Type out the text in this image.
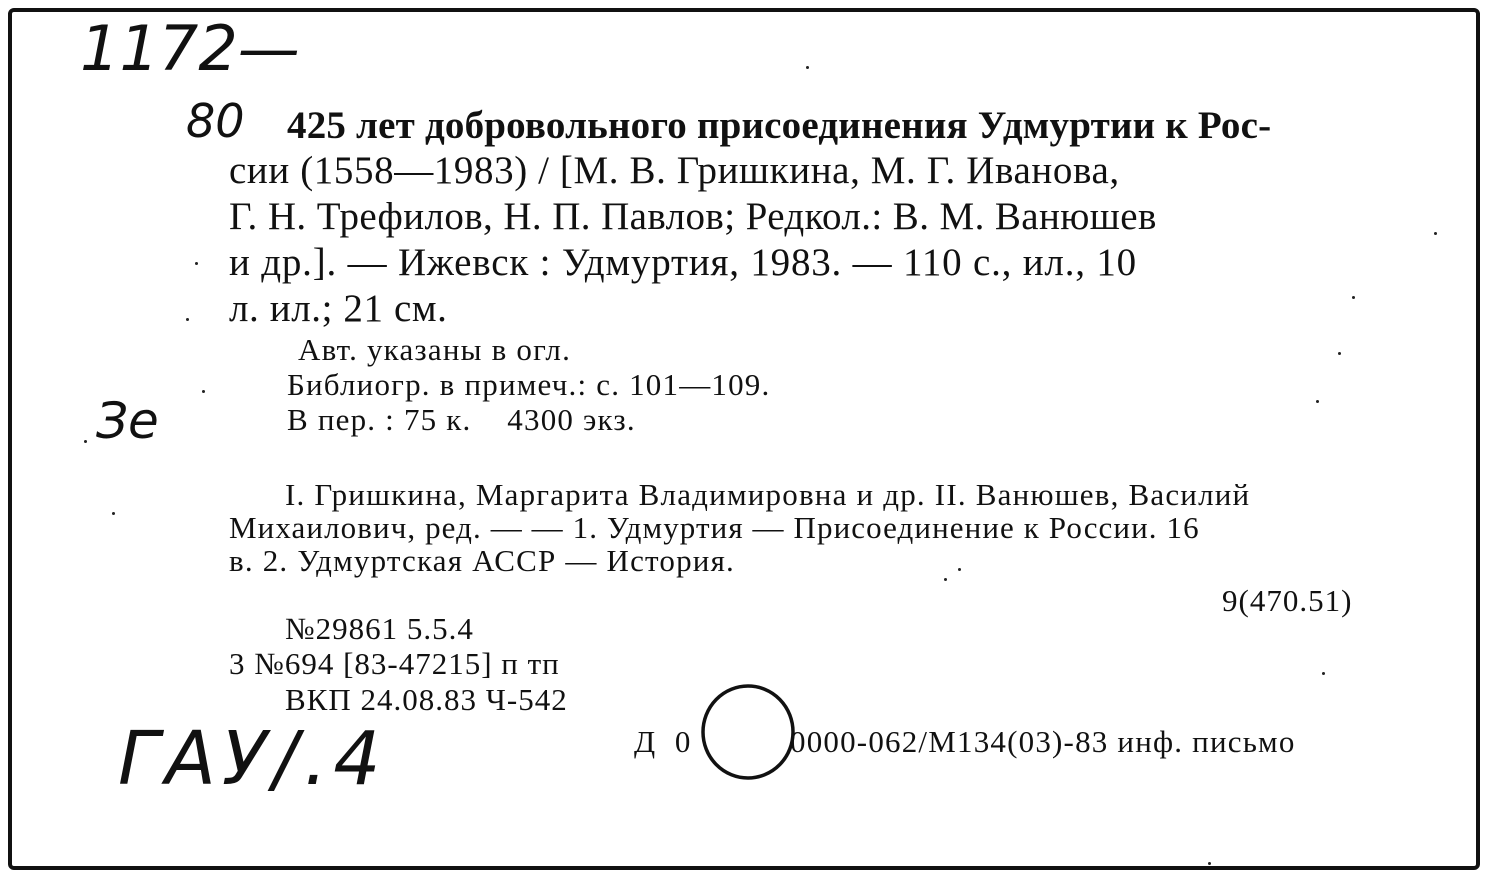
1172—
80
Зе
ГАУ/.4
425 лет добровольного присоединения Удмуртии к Рос-
сии (1558—1983) / [М. В. Гришкина, М. Г. Иванова,
Г. Н. Трефилов, Н. П. Павлов; Редкол.: В. М. Ванюшев
и др.]. — Ижевск : Удмуртия, 1983. — 110 с., ил., 10
л. ил.; 21 см.
Авт. указаны в огл.
Библиогр. в примеч.: с. 101—109.
В пер. : 75 к.    4300 экз.
I. Гришкина, Маргарита Владимировна и др. II. Ванюшев, Василий
Михаилович, ред. — — 1. Удмуртия — Присоединение к России. 16
в. 2. Удмуртская АССР — История.
9(470.51)
№29861 5.5.4
3 №694 [83-47215] п тп
ВКП 24.08.83 Ч-542
Д 0	0000-062/М134(03)-83 инф. письмо
